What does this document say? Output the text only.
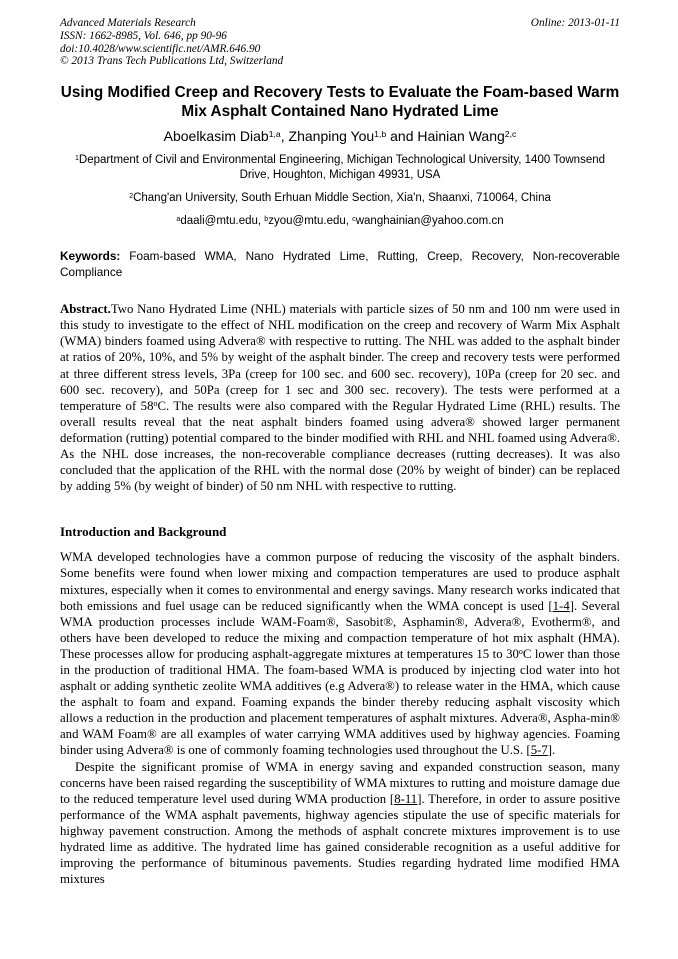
Advanced Materials Research
ISSN: 1662-8985, Vol. 646, pp 90-96
doi:10.4028/www.scientific.net/AMR.646.90
© 2013 Trans Tech Publications Ltd, Switzerland
Online: 2013-01-11
Using Modified Creep and Recovery Tests to Evaluate the Foam-based Warm Mix Asphalt Contained Nano Hydrated Lime
Aboelkasim Diab$^{1,a}$, Zhanping You$^{1,b}$ and Hainian Wang$^{2,c}$
$^1$Department of Civil and Environmental Engineering, Michigan Technological University, 1400 Townsend Drive, Houghton, Michigan 49931, USA
$^2$Chang'an University, South Erhuan Middle Section, Xia'n, Shaanxi, 710064, China
$^a$daali@mtu.edu, $^b$zyou@mtu.edu, $^c$wanghainian@yahoo.com.cn

Keywords: Foam-based WMA, Nano Hydrated Lime, Rutting, Creep, Recovery, Non-recoverable Compliance

Abstract.Two Nano Hydrated Lime (NHL) materials with particle sizes of 50 nm and 100 nm were used in this study to investigate to the effect of NHL modification on the creep and recovery of Warm Mix Asphalt (WMA) binders foamed using Advera® with respective to rutting. The NHL was added to the asphalt binder at ratios of 20%, 10%, and 5% by weight of the asphalt binder. The creep and recovery tests were performed at three different stress levels, 3Pa (creep for 100 sec. and 600 sec. recovery), 10Pa (creep for 20 sec. and 600 sec. recovery), and 50Pa (creep for 1 sec and 300 sec. recovery). The tests were performed at a temperature of 58$^o$C. The results were also compared with the Regular Hydrated Lime (RHL) results. The overall results reveal that the neat asphalt binders foamed using advera® showed larger permanent deformation (rutting) potential compared to the binder modified with RHL and NHL foamed using Advera®. As the NHL dose increases, the non-recoverable compliance decreases (rutting decreases). It was also concluded that the application of the RHL with the normal dose (20% by weight of binder) can be replaced by adding 5% (by weight of binder) of 50 nm NHL with respective to rutting.

Introduction and Background

WMA developed technologies have a common purpose of reducing the viscosity of the asphalt binders. Some benefits were found when lower mixing and compaction temperatures are used to produce asphalt mixtures, especially when it comes to environmental and energy savings. Many research works indicated that both emissions and fuel usage can be reduced significantly when the WMA concept is used [1-4]. Several WMA production processes include WAM-Foam®, Sasobit®, Asphamin®, Advera®, Evotherm®, and others have been developed to reduce the mixing and compaction temperature of hot mix asphalt (HMA). These processes allow for producing asphalt-aggregate mixtures at temperatures 15 to 30$^o$C lower than those in the production of traditional HMA. The foam-based WMA is produced by injecting clod water into hot asphalt or adding synthetic zeolite WMA additives (e.g Advera®) to release water in the HMA, which cause the asphalt to foam and expand. Foaming expands the binder thereby reducing asphalt viscosity which allows a reduction in the production and placement temperatures of asphalt mixtures. Advera®, Aspha-min® and WAM Foam® are all examples of water carrying WMA additives used by highway agencies. Foaming binder using Advera® is one of commonly foaming technologies used throughout the U.S. [5-7].

Despite the significant promise of WMA in energy saving and expanded construction season, many concerns have been raised regarding the susceptibility of WMA mixtures to rutting and moisture damage due to the reduced temperature level used during WMA production [8-11]. Therefore, in order to assure positive performance of the WMA asphalt pavements, highway agencies stipulate the use of specific materials for highway pavement construction. Among the methods of asphalt concrete mixtures improvement is to use hydrated lime as additive. The hydrated lime has gained considerable recognition as a useful additive for improving the performance of bituminous pavements. Studies regarding hydrated lime modified HMA mixtures
